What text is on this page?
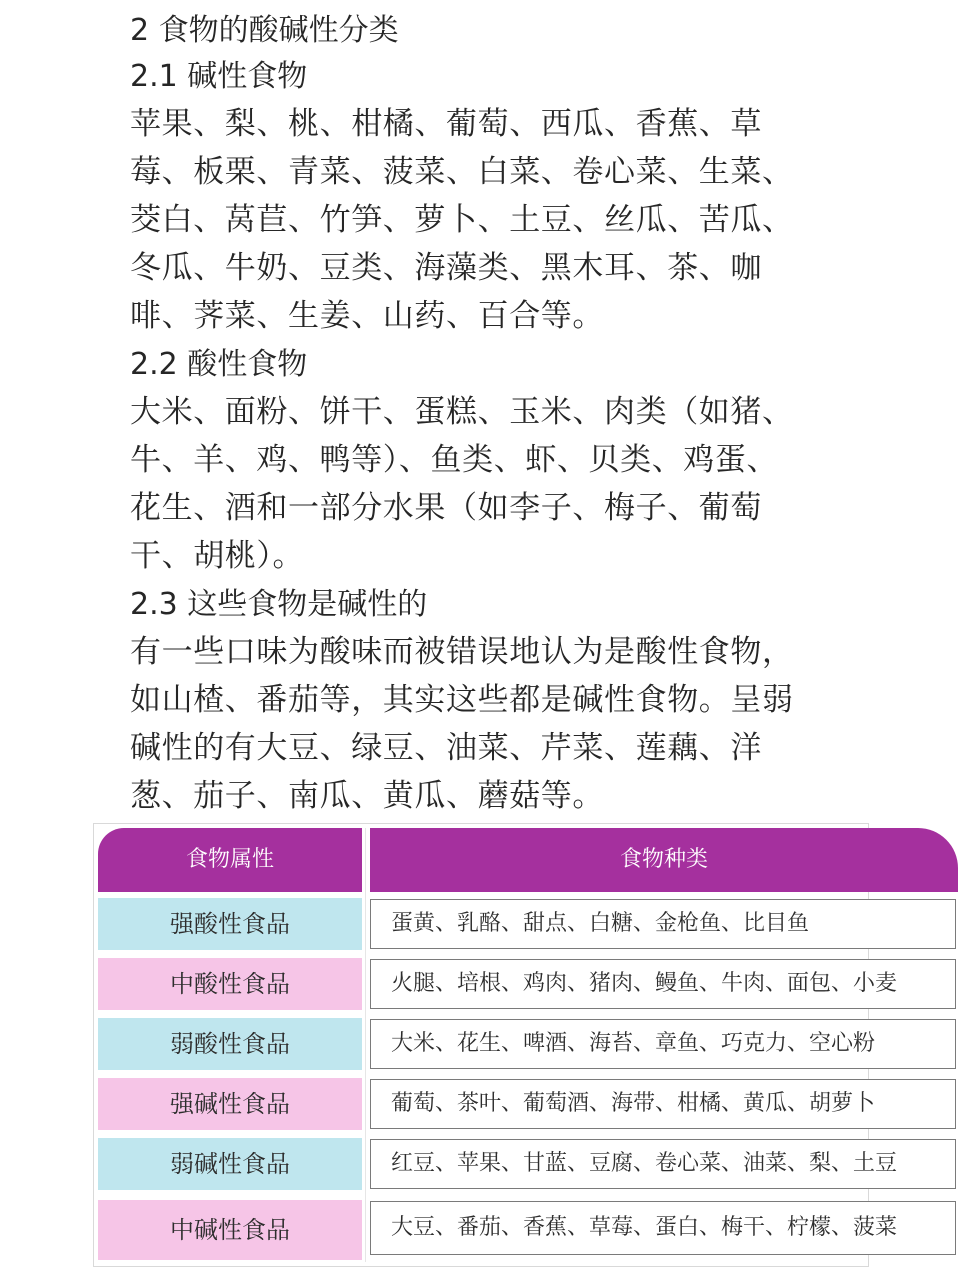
2 食物的酸碱性分类
2.1 碱性食物

苹果、梨、桃、柑橘、葡萄、西瓜、香蕉、草

莓、板栗、青菜、菠菜、白菜、卷心菜、生菜、

茭白、莴苣、竹笋、萝卜、土豆、丝瓜、苦瓜、

冬瓜、牛奶、豆类、海藻类、黑木耳、茶、咖

啡、荠菜、生姜、山药、百合等。

2.2 酸性食物

大米、面粉、饼干、蛋糕、玉米、肉类（如猪、

牛、羊、鸡、鸭等）、鱼类、虾、贝类、鸡蛋、

花生、酒和一部分水果（如李子、梅子、葡萄

干、胡桃）。

2.3 这些食物是碱性的

有一些口味为酸味而被错误地认为是酸性食物，

如山楂、番茄等，其实这些都是碱性食物。呈弱

碱性的有大豆、绿豆、油菜、芹菜、莲藕、洋

葱、茄子、南瓜、黄瓜、蘑菇等。

食物属性	食物种类
强酸性食品	蛋黄、乳酪、甜点、白糖、金枪鱼、比目鱼
中酸性食品	火腿、培根、鸡肉、猪肉、鳗鱼、牛肉、面包、小麦
弱酸性食品	大米、花生、啤酒、海苔、章鱼、巧克力、空心粉
强碱性食品	葡萄、茶叶、葡萄酒、海带、柑橘、黄瓜、胡萝卜
弱碱性食品	红豆、苹果、甘蓝、豆腐、卷心菜、油菜、梨、土豆
中碱性食品	大豆、番茄、香蕉、草莓、蛋白、梅干、柠檬、菠菜
